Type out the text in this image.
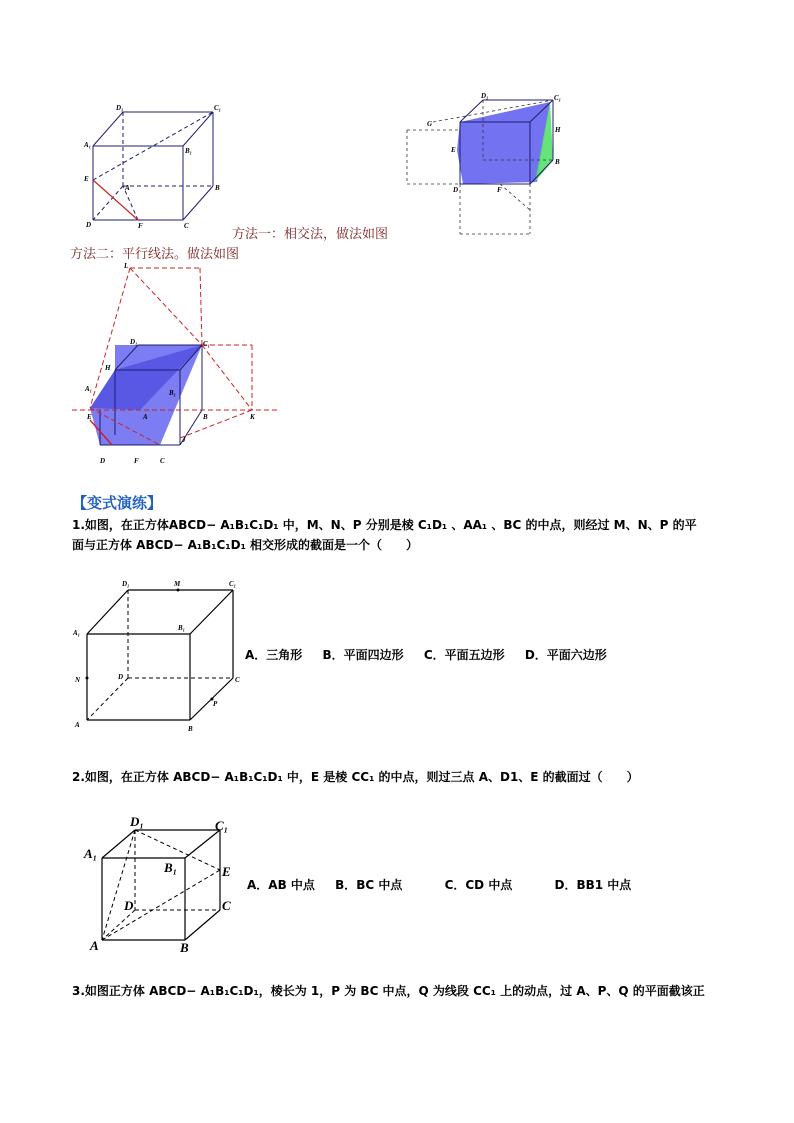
D₁	C₁
A₁
B₁
E
A	B
D	F	C
D₁	C₁
G
E
H
B
D	F
方法一：相交法，做法如图
方法二：平行线法。做法如图
L
D₁	C₁
H
A₁	B₁
E	A	B	K
J
D	F	C
【变式演练】
1.如图，在正方体ABCD− A₁B₁C₁D₁ 中，M、N、P 分别是棱 C₁D₁ 、AA₁ 、BC 的中点，则经过 M、N、P 的平
面与正方体 ABCD− A₁B₁C₁D₁ 相交形成的截面是一个（　　）
D₁	M	C₁
A₁
B₁
N	D	C
P
A	B
A．三角形 B．平面四边形 C．平面五边形 D．平面六边形
2.如图，在正方体 ABCD− A₁B₁C₁D₁ 中，E 是棱 CC₁ 的中点，则过三点 A、D1、E 的截面过（　　）
D₁	C₁
A₁
B₁	E
D	C
A	B
A．AB 中点 B．BC 中点	C．CD 中点	D．BB1 中点
3.如图正方体 ABCD− A₁B₁C₁D₁，棱长为 1，P 为 BC 中点，Q 为线段 CC₁ 上的动点，过 A、P、Q 的平面截该正
